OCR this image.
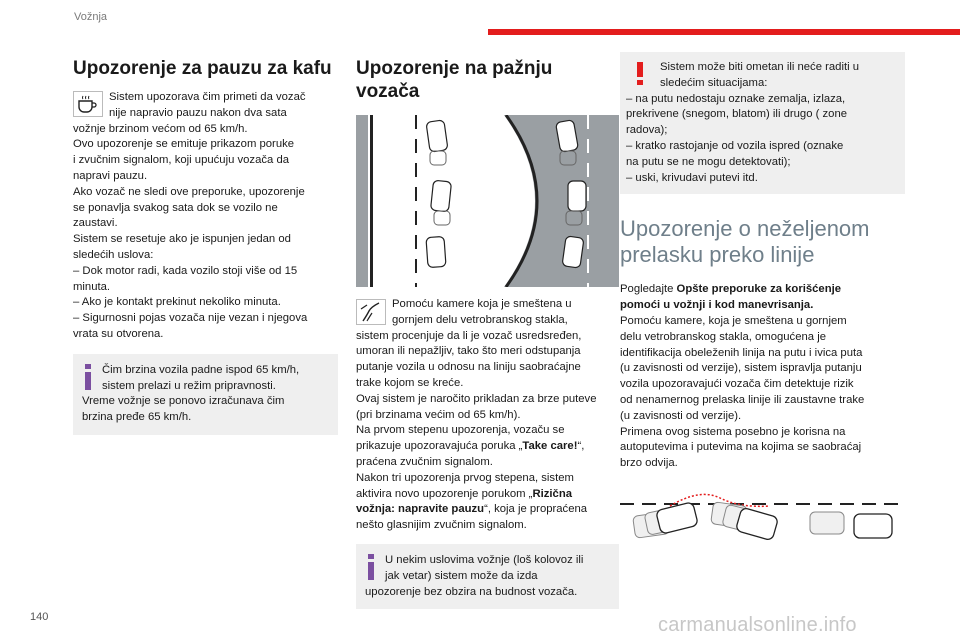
Vožnja
Upozorenje za pauzu za kafu

Sistem upozorava čim primeti da vozač

nije napravio pauzu nakon dva sata

vožnje brzinom većom od 65 km/h.

Ovo upozorenje se emituje prikazom poruke

i zvučnim signalom, koji upućuju vozača da

napravi pauzu.

Ako vozač ne sledi ove preporuke, upozorenje

se ponavlja svakog sata dok se vozilo ne

zaustavi.

Sistem se resetuje ako je ispunjen jedan od

sledećih uslova:

– Dok motor radi, kada vozilo stoji više od 15

minuta.

– Ako je kontakt prekinut nekoliko minuta.

– Sigurnosni pojas vozača nije vezan i njegova

vrata su otvorena.

Čim brzina vozila padne ispod 65 km/h,

sistem prelazi u režim pripravnosti.

Vreme vožnje se ponovo izračunava čim

brzina pređe 65 km/h.

Upozorenje na pažnju vozača

Pomoću kamere koja je smeštena u

gornjem delu vetrobranskog stakla,

sistem procenjuje da li je vozač usredsređen,

umoran ili nepažljiv, tako što meri odstupanja

putanje vozila u odnosu na liniju saobraćajne

trake kojom se kreće.

Ovaj sistem je naročito prikladan za brze puteve

(pri brzinama većim od 65 km/h).

Na prvom stepenu upozorenja, vozaču se

prikazuje upozoravajuća poruka „Take care!“,

praćena zvučnim signalom.

Nakon tri upozorenja prvog stepena, sistem

aktivira novo upozorenje porukom „Rizična

vožnja: napravite pauzu“, koja je propraćena

nešto glasnijim zvučnim signalom.

U nekim uslovima vožnje (loš kolovoz ili

jak vetar) sistem može da izda

upozorenje bez obzira na budnost vozača.

Sistem može biti ometan ili neće raditi u

sledećim situacijama:

– na putu nedostaju oznake zemalja, izlaza,

prekrivene (snegom, blatom) ili drugo ( zone

radova);

– kratko rastojanje od vozila ispred (oznake

na putu se ne mogu detektovati);

– uski, krivudavi putevi itd.

Upozorenje o neželjenom prelasku preko linije

Pogledajte Opšte preporuke za korišćenje

pomoći u vožnji i kod manevrisanja.

Pomoću kamere, koja je smeštena u gornjem

delu vetrobranskog stakla, omogućena je

identifikacija obeleženih linija na putu i ivica puta

(u zavisnosti od verzije), sistem ispravlja putanju

vozila upozoravajući vozača čim detektuje rizik

od nenamernog prelaska linije ili zaustavne trake

(u zavisnosti od verzije).

Primena ovog sistema posebno je korisna na

autoputevima i putevima na kojima se saobraćaj

brzo odvija.

140	carmanualsonline.info
